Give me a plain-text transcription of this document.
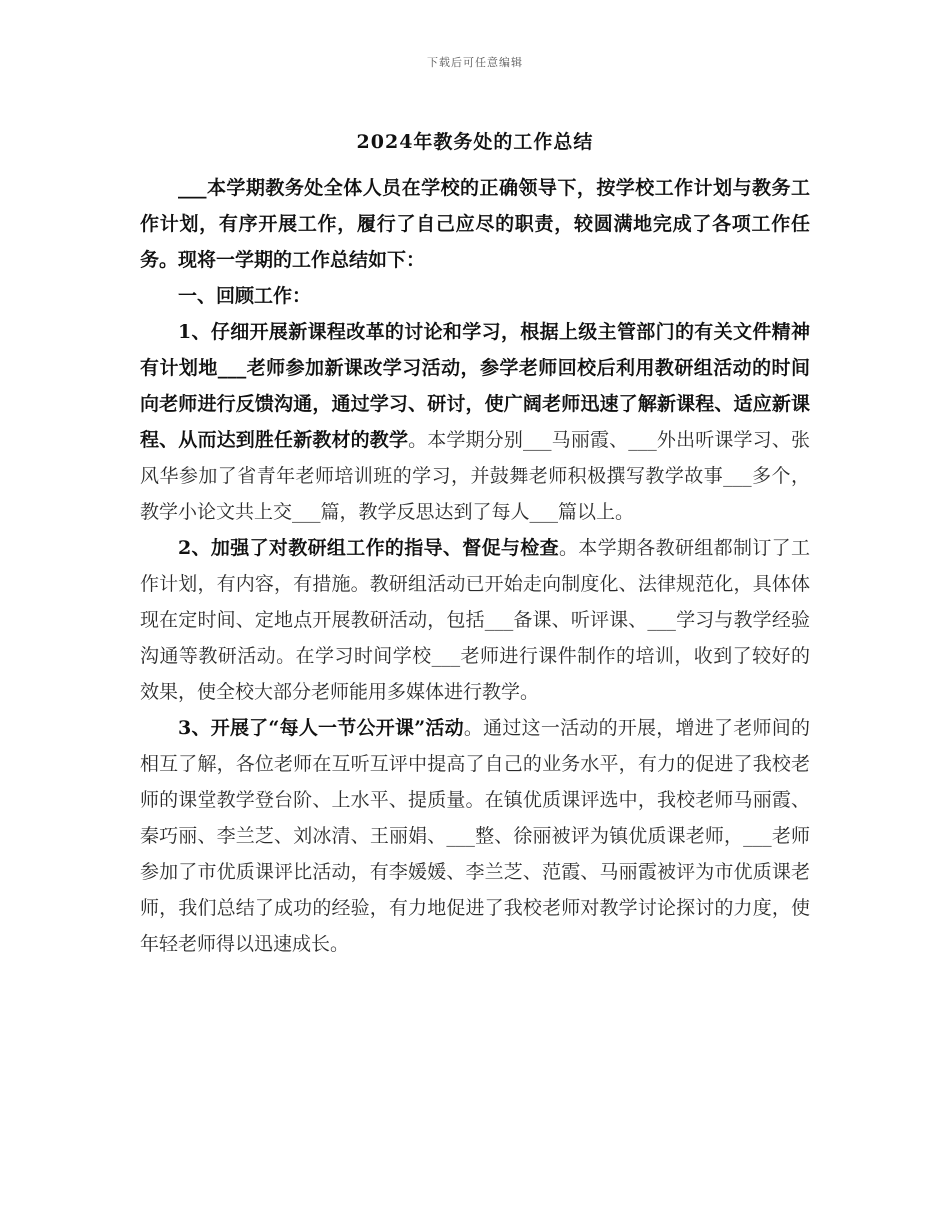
下载后可任意编辑
2024年教务处的工作总结

___本学期教务处全体人员在学校的正确领导下，按学校工作计划与教务工作计划，有序开展工作，履行了自己应尽的职责，较圆满地完成了各项工作任务。现将一学期的工作总结如下：

一、回顾工作：

1、仔细开展新课程改革的讨论和学习，根据上级主管部门的有关文件精神有计划地___老师参加新课改学习活动，参学老师回校后利用教研组活动的时间向老师进行反馈沟通，通过学习、研讨，使广阔老师迅速了解新课程、适应新课程、从而达到胜任新教材的教学。本学期分别___马丽霞、___外出听课学习、张风华参加了省青年老师培训班的学习，并鼓舞老师积极撰写教学故事___多个，教学小论文共上交___篇，教学反思达到了每人___篇以上。

2、加强了对教研组工作的指导、督促与检查。本学期各教研组都制订了工作计划，有内容，有措施。教研组活动已开始走向制度化、法律规范化，具体体现在定时间、定地点开展教研活动，包括___备课、听评课、___学习与教学经验沟通等教研活动。在学习时间学校___老师进行课件制作的培训，收到了较好的效果，使全校大部分老师能用多媒体进行教学。

3、开展了“每人一节公开课”活动。通过这一活动的开展，增进了老师间的相互了解，各位老师在互听互评中提高了自己的业务水平，有力的促进了我校老师的课堂教学登台阶、上水平、提质量。在镇优质课评选中，我校老师马丽霞、秦巧丽、李兰芝、刘冰清、王丽娟、___整、徐丽被评为镇优质课老师，___老师参加了市优质课评比活动，有李媛媛、李兰芝、范霞、马丽霞被评为市优质课老师，我们总结了成功的经验，有力地促进了我校老师对教学讨论探讨的力度，使年轻老师得以迅速成长。
